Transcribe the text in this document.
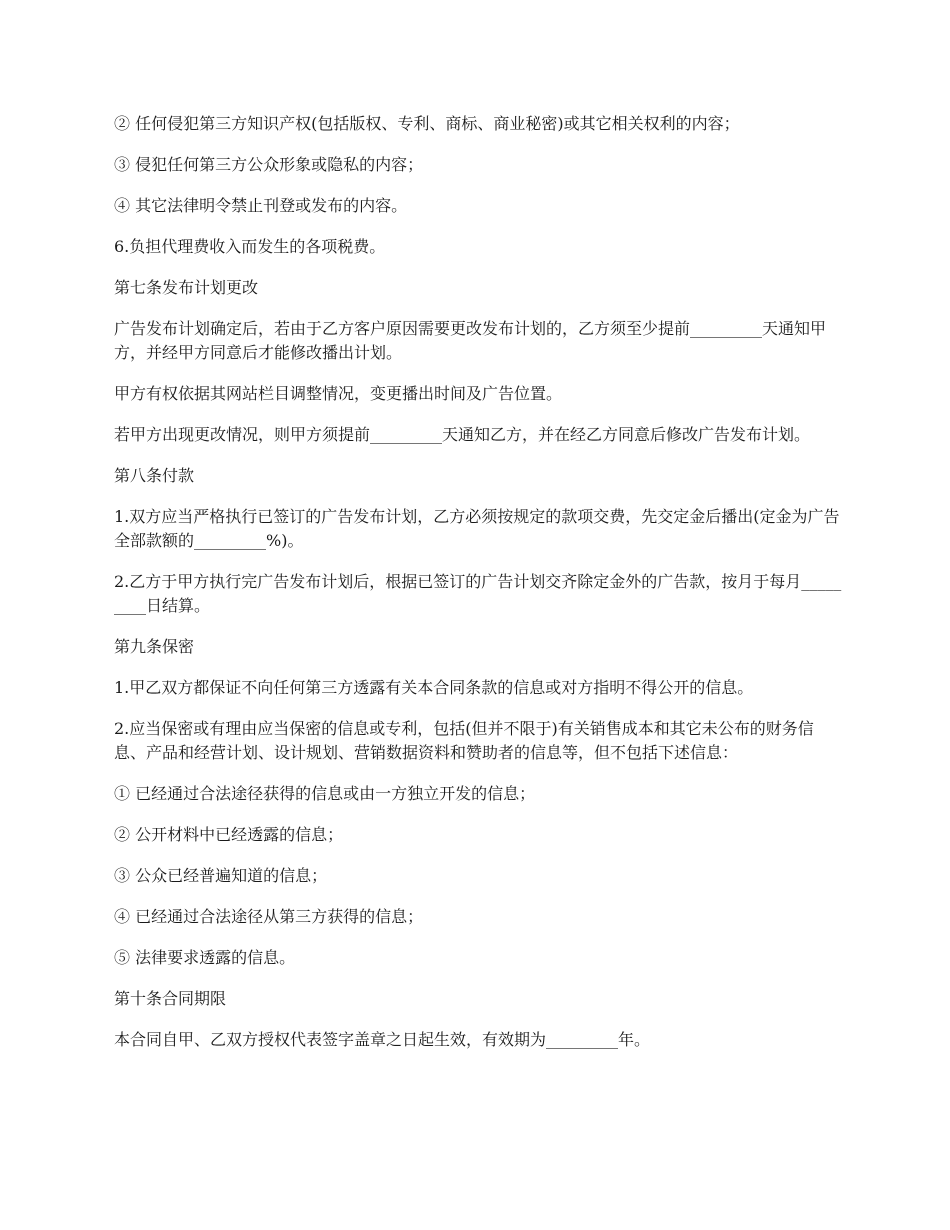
② 任何侵犯第三方知识产权(包括版权、专利、商标、商业秘密)或其它相关权利的内容；

③ 侵犯任何第三方公众形象或隐私的内容；

④ 其它法律明令禁止刊登或发布的内容。

6.负担代理费收入而发生的各项税费。

第七条发布计划更改

广告发布计划确定后，若由于乙方客户原因需要更改发布计划的，乙方须至少提前_________天通知甲方，并经甲方同意后才能修改播出计划。

甲方有权依据其网站栏目调整情况，变更播出时间及广告位置。

若甲方出现更改情况，则甲方须提前_________天通知乙方，并在经乙方同意后修改广告发布计划。

第八条付款

1.双方应当严格执行已签订的广告发布计划，乙方必须按规定的款项交费，先交定金后播出(定金为广告全部款额的_________%)。

2.乙方于甲方执行完广告发布计划后，根据已签订的广告计划交齐除定金外的广告款，按月于每月_________日结算。

第九条保密

1.甲乙双方都保证不向任何第三方透露有关本合同条款的信息或对方指明不得公开的信息。

2.应当保密或有理由应当保密的信息或专利，包括(但并不限于)有关销售成本和其它未公布的财务信息、产品和经营计划、设计规划、营销数据资料和赞助者的信息等，但不包括下述信息：

① 已经通过合法途径获得的信息或由一方独立开发的信息；

② 公开材料中已经透露的信息；

③ 公众已经普遍知道的信息；

④ 已经通过合法途径从第三方获得的信息；

⑤ 法律要求透露的信息。

第十条合同期限

本合同自甲、乙双方授权代表签字盖章之日起生效，有效期为_________年。
